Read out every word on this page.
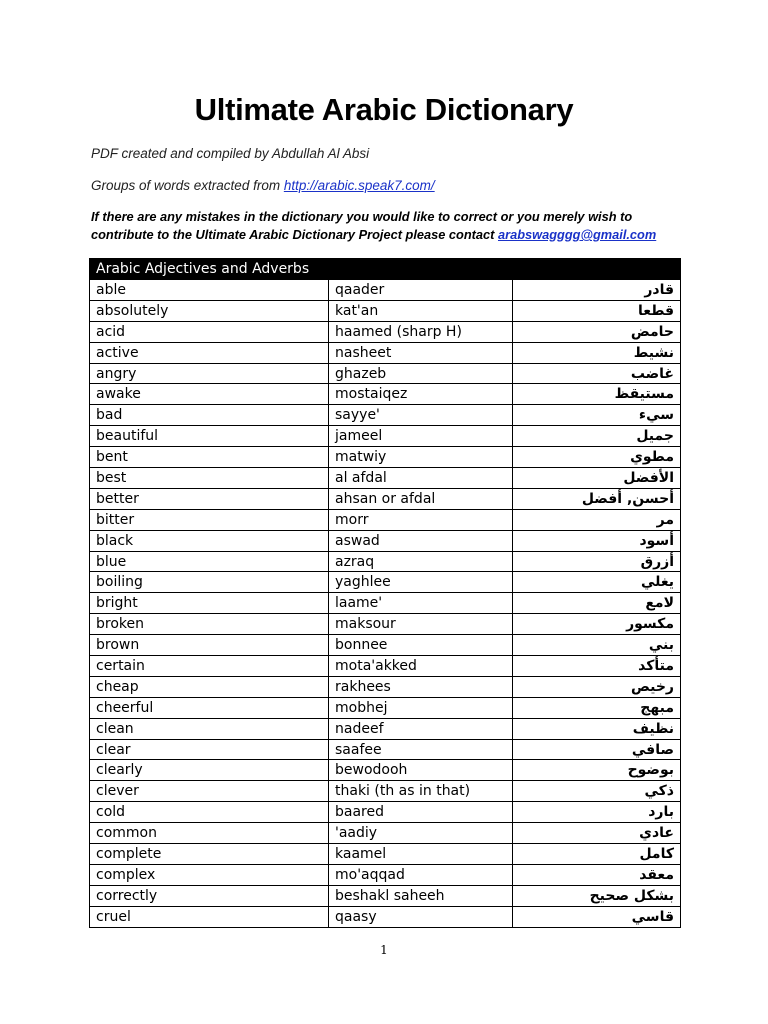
Ultimate Arabic Dictionary
PDF created and compiled by Abdullah Al Absi
Groups of words extracted from http://arabic.speak7.com/
If there are any mistakes in the dictionary you would like to correct or you merely wish to contribute to the Ultimate Arabic Dictionary Project please contact arabswagggg@gmail.com
Arabic Adjectives and Adverbs		
able	qaader	قادر
absolutely	kat'an	قطعا
acid	haamed (sharp H)	حامض
active	nasheet	نشيط
angry	ghazeb	غاضب
awake	mostaiqez	مستيقظ
bad	sayye'	سيء
beautiful	jameel	جميل
bent	matwiy	مطوي
best	al afdal	الأفضل
better	ahsan or afdal	أحسن, أفضل
bitter	morr	مر
black	aswad	أسود
blue	azraq	أزرق
boiling	yaghlee	يغلي
bright	laame'	لامع
broken	maksour	مكسور
brown	bonnee	بني
certain	mota'akked	متأكد
cheap	rakhees	رخيص
cheerful	mobhej	مبهج
clean	nadeef	نظيف
clear	saafee	صافي
clearly	bewodooh	بوضوح
clever	thaki (th as in that)	ذكي
cold	baared	بارد
common	'aadiy	عادي
complete	kaamel	كامل
complex	mo'aqqad	معقد
correctly	beshakl saheeh	بشكل صحيح
cruel	qaasy	قاسي
1
